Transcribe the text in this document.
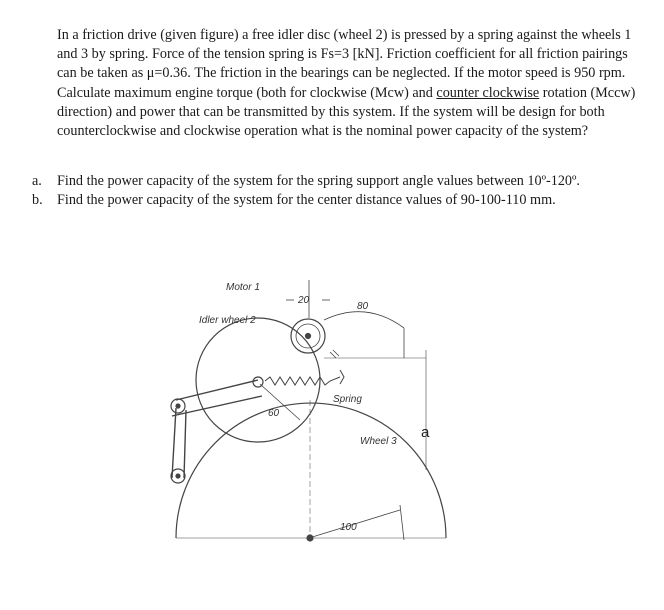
In a friction drive (given figure) a free idler disc (wheel 2) is pressed by a spring against the wheels 1 and 3 by spring. Force of the tension spring is Fs=3 [kN]. Friction coefficient for all friction pairings can be taken as μ=0.36. The friction in the bearings can be neglected. If the motor speed is 950 rpm. Calculate maximum engine torque (both for clockwise (Mcw) and counter clockwise rotation (Mccw) direction) and power that can be transmitted by this system. If the system will be design for both counterclockwise and clockwise operation what is the nominal power capacity of the system?

a.	Find the power capacity of the system for the spring support angle values between 10º-120º.
b.	Find the power capacity of the system for the center distance values of 90-100-110 mm.
Motor 1
Idler wheel 2
20
80
Spring
60
Wheel 3
a
100
